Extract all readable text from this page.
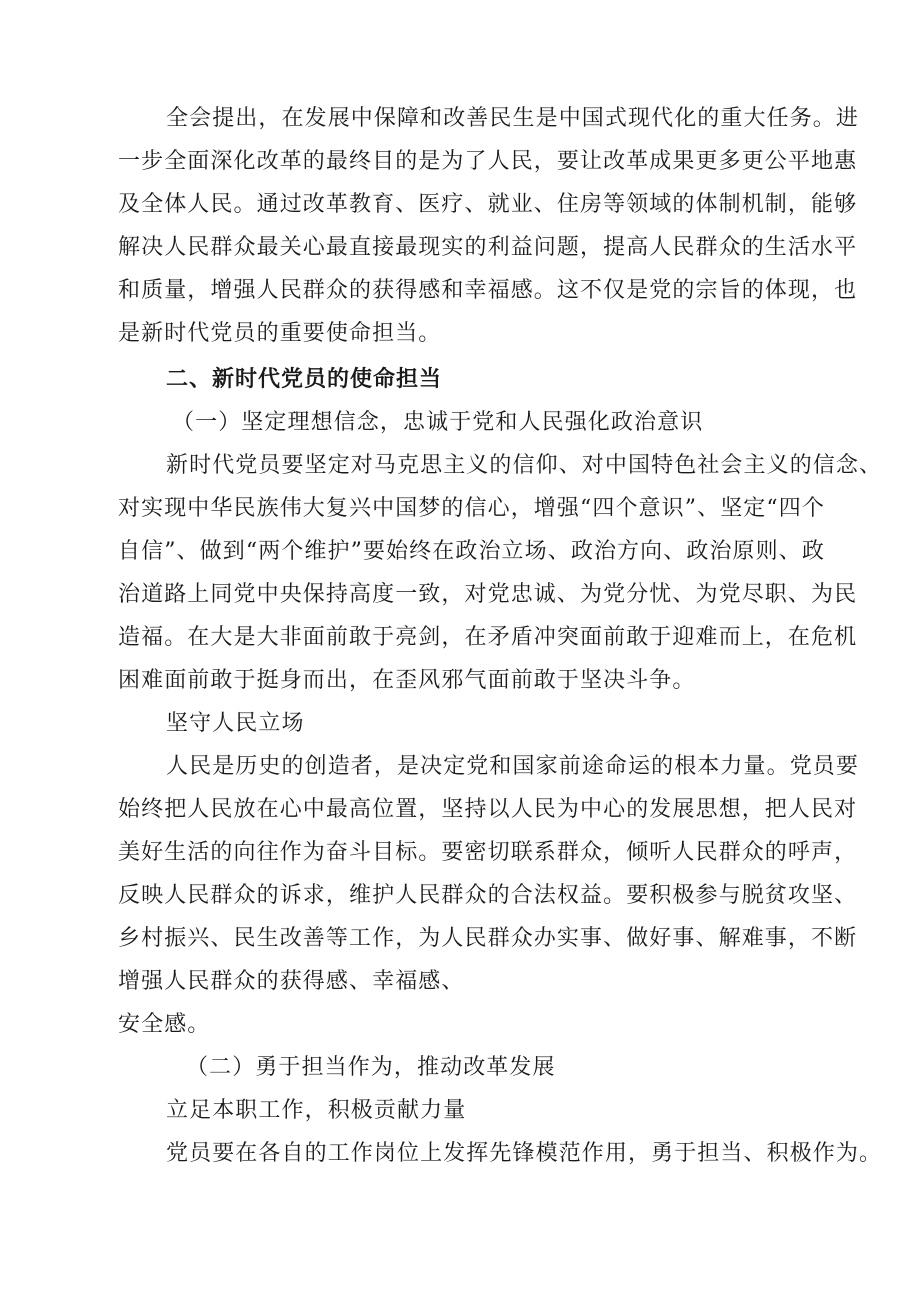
全会提出，在发展中保障和改善民生是中国式现代化的重大任务。进
一步全面深化改革的最终目的是为了人民，要让改革成果更多更公平地惠
及全体人民。通过改革教育、医疗、就业、住房等领域的体制机制，能够
解决人民群众最关心最直接最现实的利益问题，提高人民群众的生活水平
和质量，增强人民群众的获得感和幸福感。这不仅是党的宗旨的体现，也
是新时代党员的重要使命担当。
二、新时代党员的使命担当
（一）坚定理想信念，忠诚于党和人民强化政治意识
新时代党员要坚定对马克思主义的信仰、对中国特色社会主义的信念、
对实现中华民族伟大复兴中国梦的信心，增强“四个意识”、坚定“四个
自信”、做到“两个维护”要始终在政治立场、政治方向、政治原则、政
治道路上同党中央保持高度一致，对党忠诚、为党分忧、为党尽职、为民
造福。在大是大非面前敢于亮剑，在矛盾冲突面前敢于迎难而上，在危机
困难面前敢于挺身而出，在歪风邪气面前敢于坚决斗争。
坚守人民立场
人民是历史的创造者，是决定党和国家前途命运的根本力量。党员要
始终把人民放在心中最高位置，坚持以人民为中心的发展思想，把人民对
美好生活的向往作为奋斗目标。要密切联系群众，倾听人民群众的呼声，
反映人民群众的诉求，维护人民群众的合法权益。要积极参与脱贫攻坚、
乡村振兴、民生改善等工作，为人民群众办实事、做好事、解难事，不断
增强人民群众的获得感、幸福感、
安全感。
（二）勇于担当作为，推动改革发展
立足本职工作，积极贡献力量
党员要在各自的工作岗位上发挥先锋模范作用，勇于担当、积极作为。
